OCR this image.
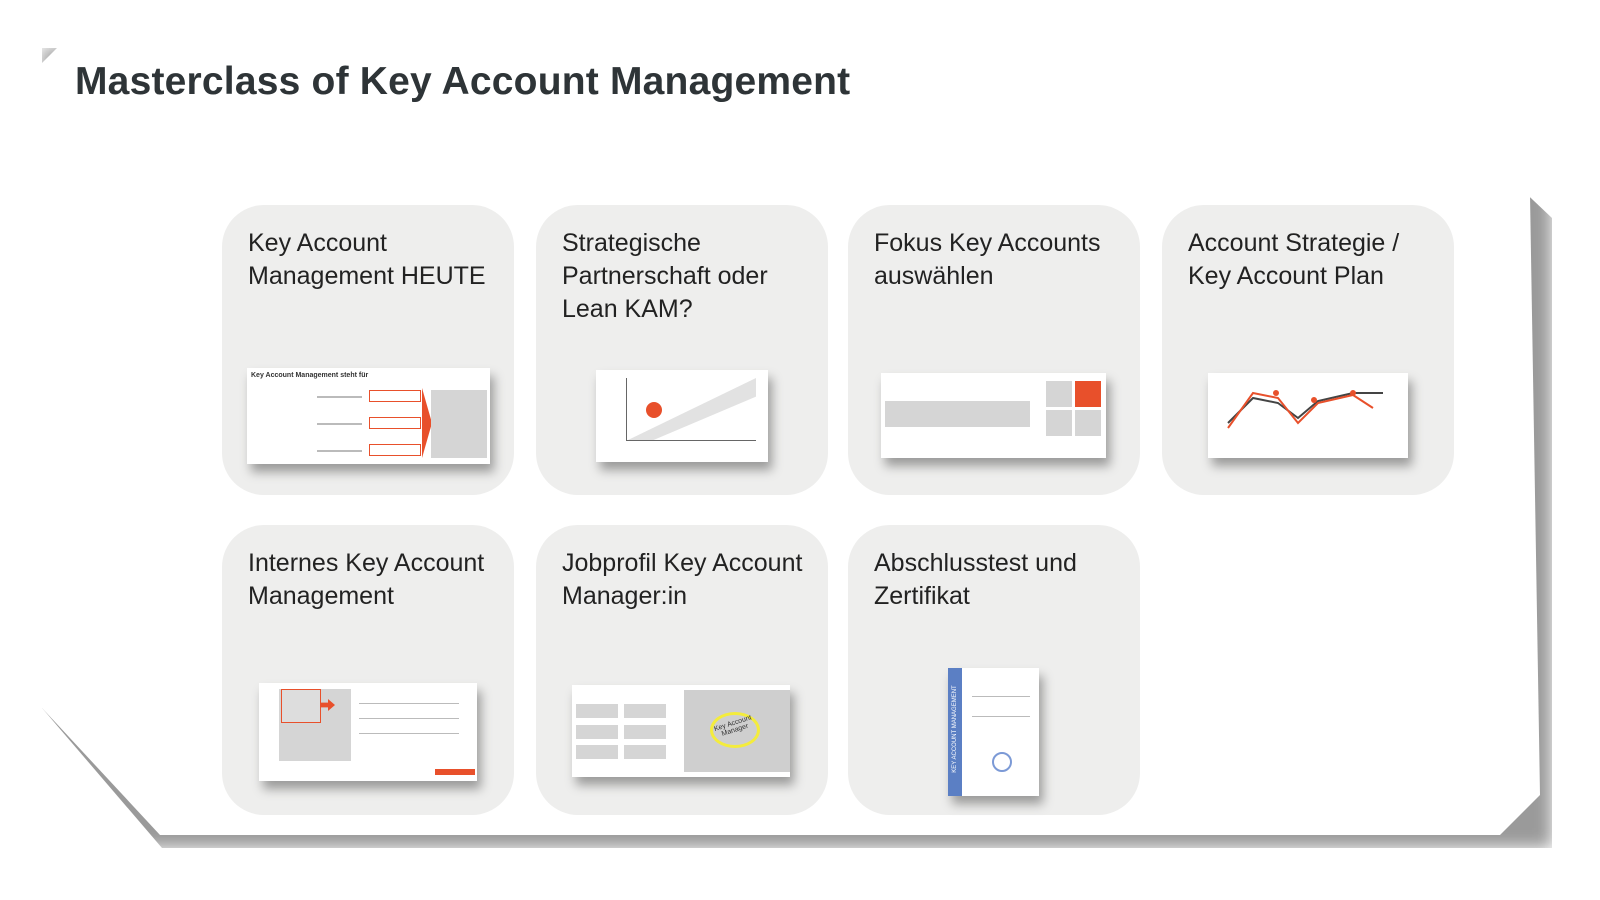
Masterclass of Key Account Management
Key Account Management HEUTE
Key Account Management steht für
Strategische Partnerschaft oder Lean KAM?
Fokus Key Accounts auswählen
Account Strategie / Key Account Plan
Internes Key Account Management
Jobprofil Key Account Manager:in
Key Account Manager
Abschlusstest und Zertifikat
KEY ACCOUNT MANAGEMENT
